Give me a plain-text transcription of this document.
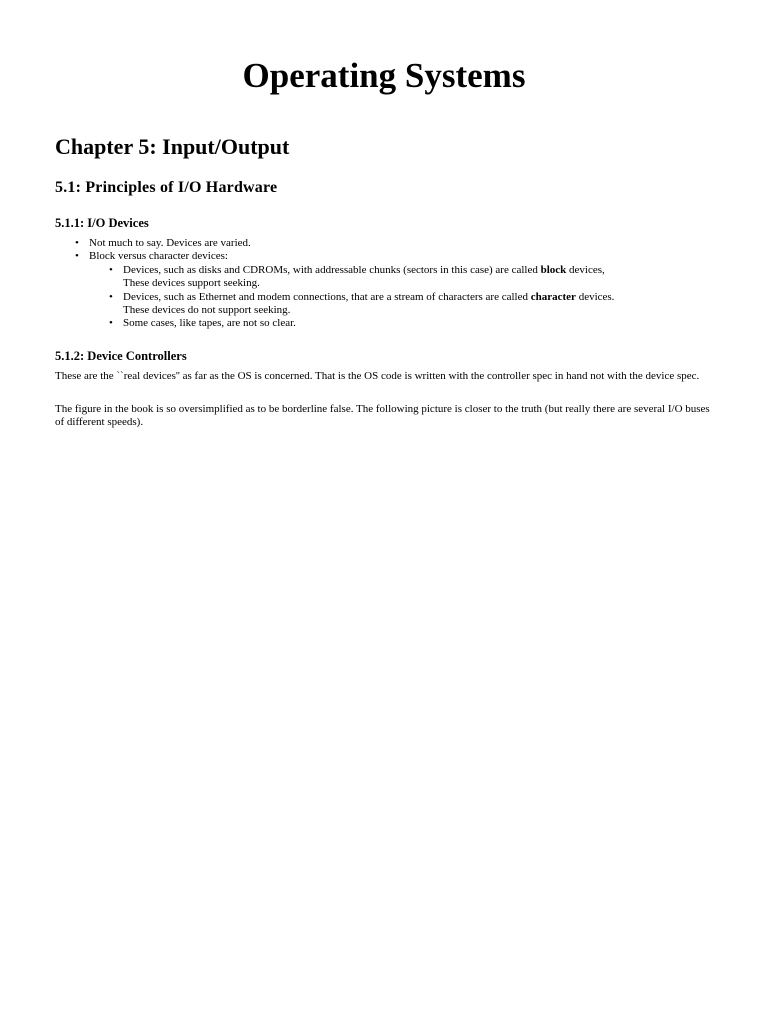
Operating Systems
Chapter 5: Input/Output
5.1: Principles of I/O Hardware
5.1.1: I/O Devices
• Not much to say. Devices are varied.
• Block versus character devices:
• Devices, such as disks and CDROMs, with addressable chunks (sectors in this case) are called block devices,
These devices support seeking.
• Devices, such as Ethernet and modem connections, that are a stream of characters are called character devices.
These devices do not support seeking.
• Some cases, like tapes, are not so clear.
5.1.2: Device Controllers

These are the ``real devices'' as far as the OS is concerned. That is the OS code is written with the controller spec in hand not with the device spec.

The figure in the book is so oversimplified as to be borderline false. The following picture is closer to the truth (but really there are several I/O buses of different speeds).
